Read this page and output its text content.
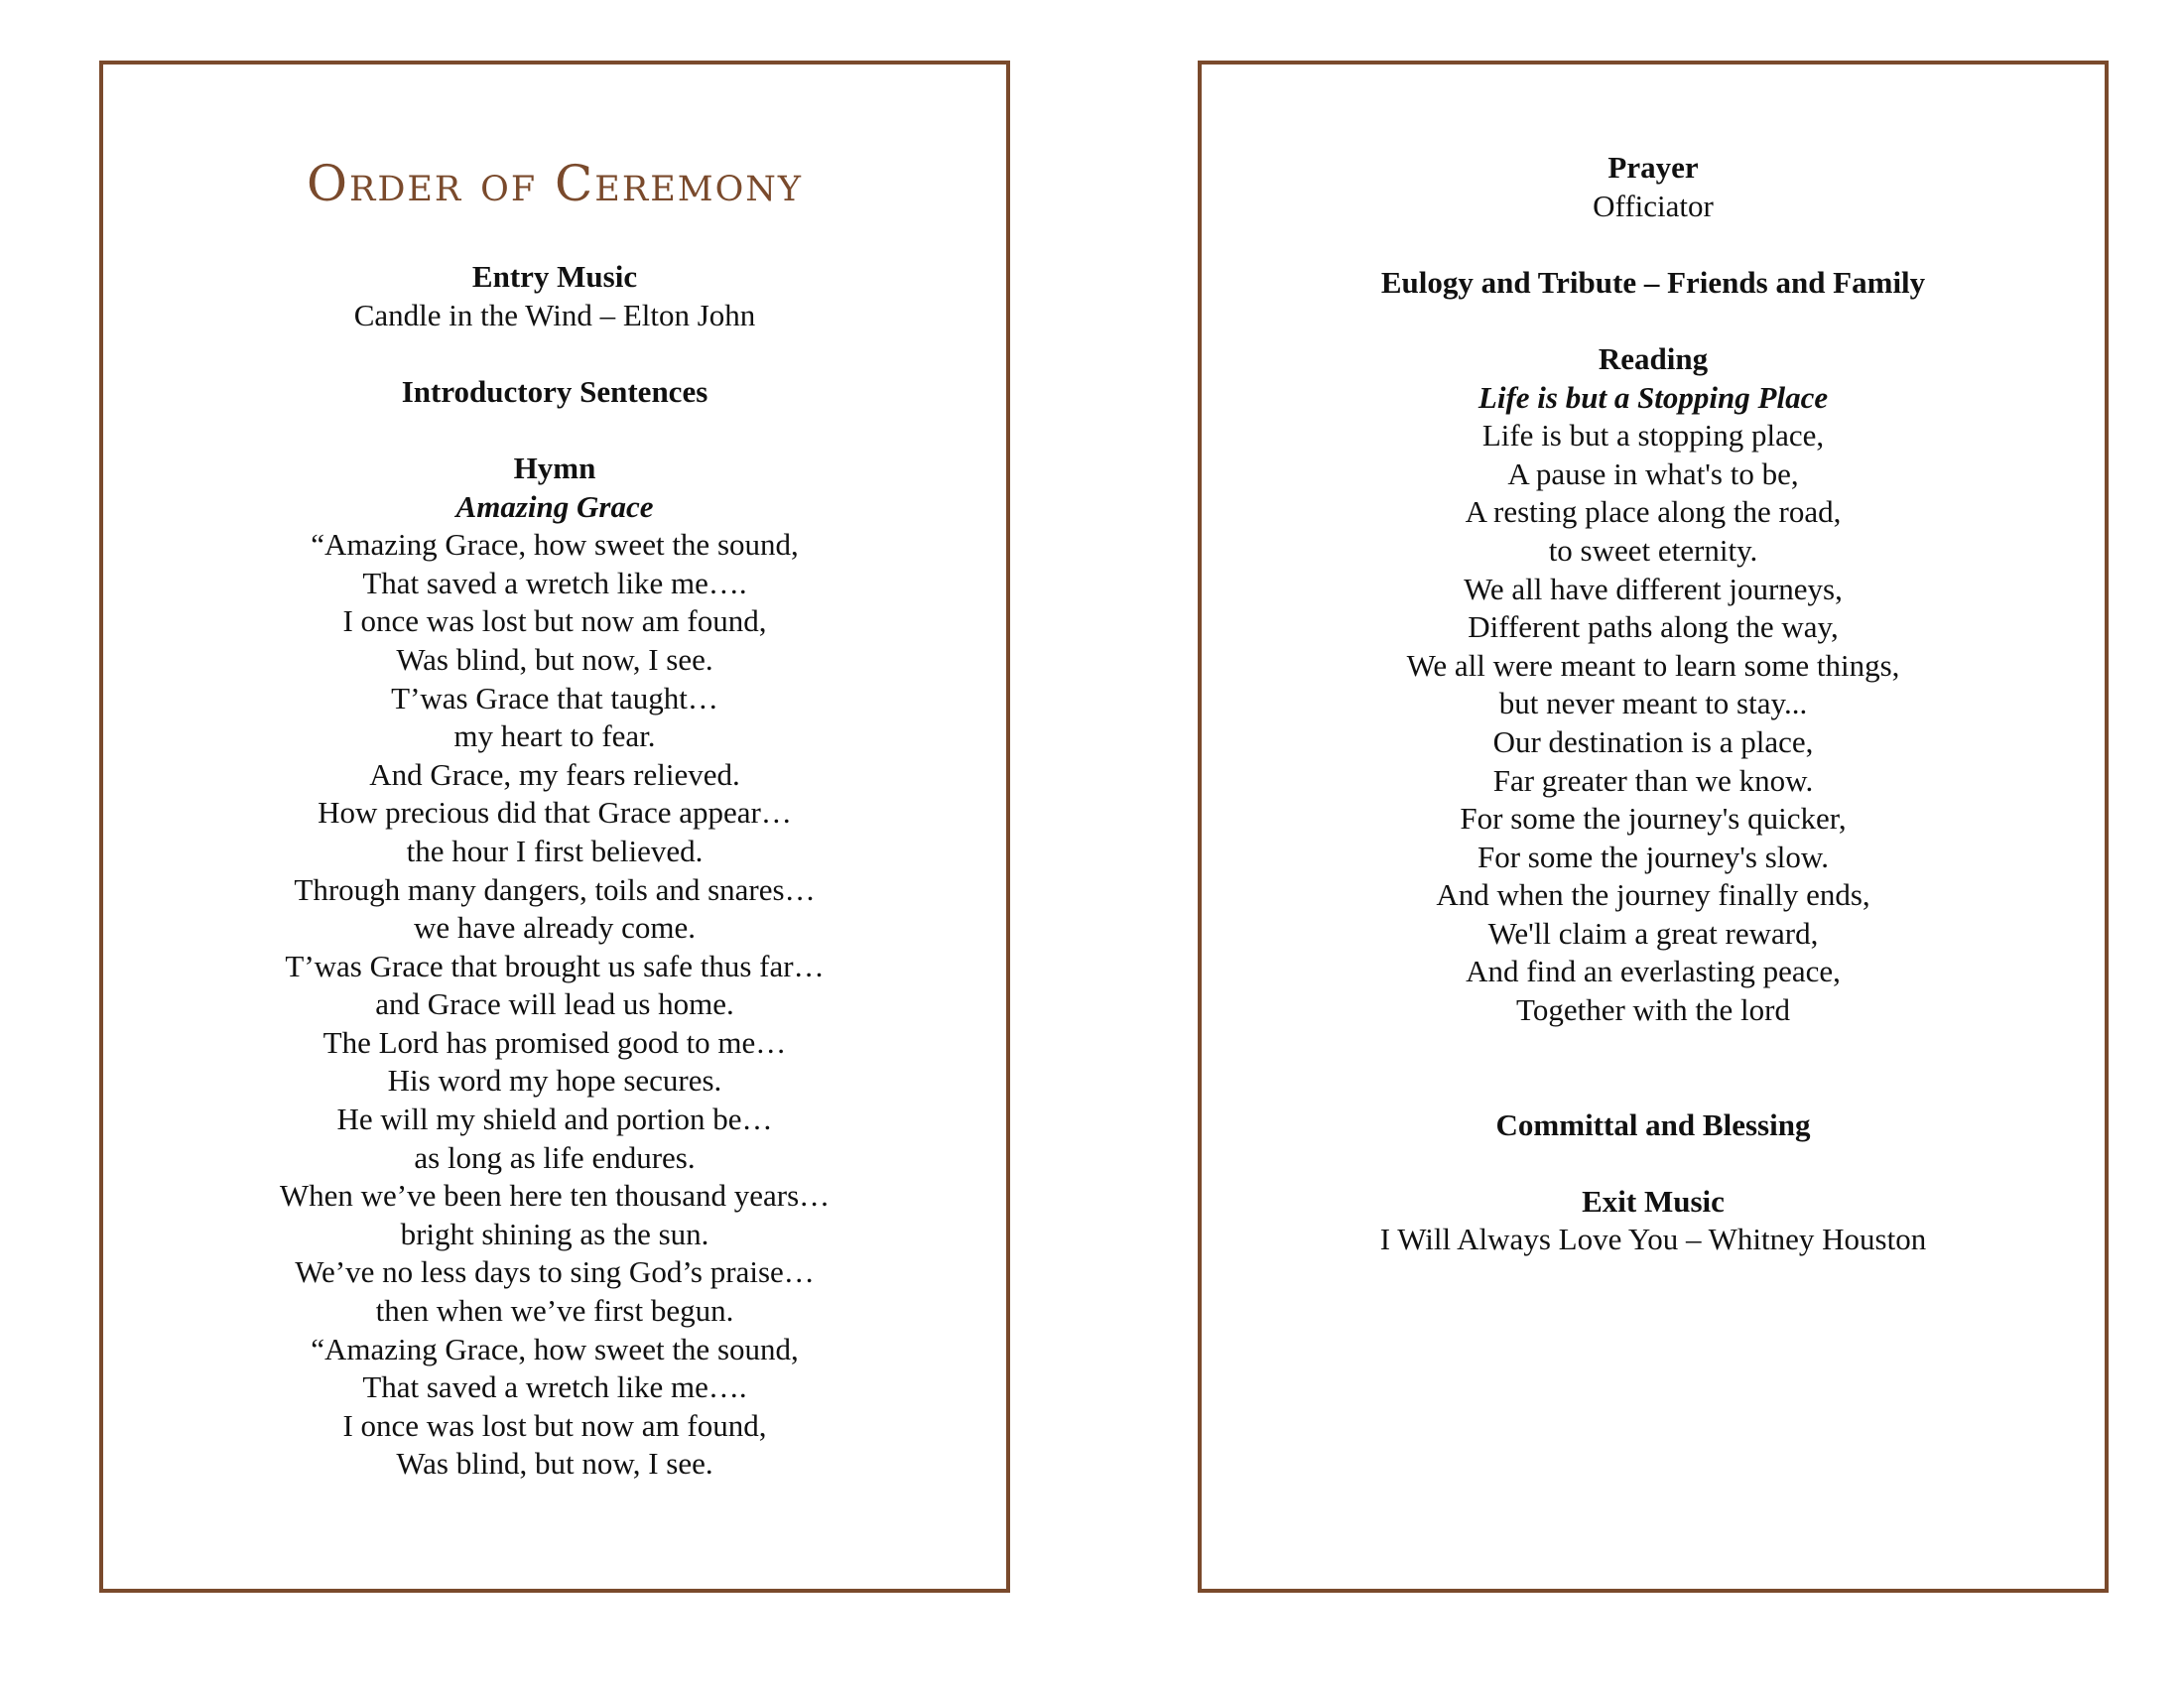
Order of Ceremony

Entry Music

Candle in the Wind – Elton John

Introductory Sentences

Hymn

Amazing Grace

“Amazing Grace, how sweet the sound,

That saved a wretch like me….

I once was lost but now am found,

Was blind, but now, I see.

T’was Grace that taught…

my heart to fear.

And Grace, my fears relieved.

How precious did that Grace appear…

the hour I first believed.

Through many dangers, toils and snares…

we have already come.

T’was Grace that brought us safe thus far…

and Grace will lead us home.

The Lord has promised good to me…

His word my hope secures.

He will my shield and portion be…

as long as life endures.

When we’ve been here ten thousand years…

bright shining as the sun.

We’ve no less days to sing God’s praise…

then when we’ve first begun.

“Amazing Grace, how sweet the sound,

That saved a wretch like me….

I once was lost but now am found,

Was blind, but now, I see.

Prayer

Officiator

Eulogy and Tribute – Friends and Family

Reading

Life is but a Stopping Place

Life is but a stopping place,

A pause in what's to be,

A resting place along the road,

to sweet eternity.

We all have different journeys,

Different paths along the way,

We all were meant to learn some things,

but never meant to stay...

Our destination is a place,

Far greater than we know.

For some the journey's quicker,

For some the journey's slow.

And when the journey finally ends,

We'll claim a great reward,

And find an everlasting peace,

Together with the lord

Committal and Blessing

Exit Music

I Will Always Love You – Whitney Houston
